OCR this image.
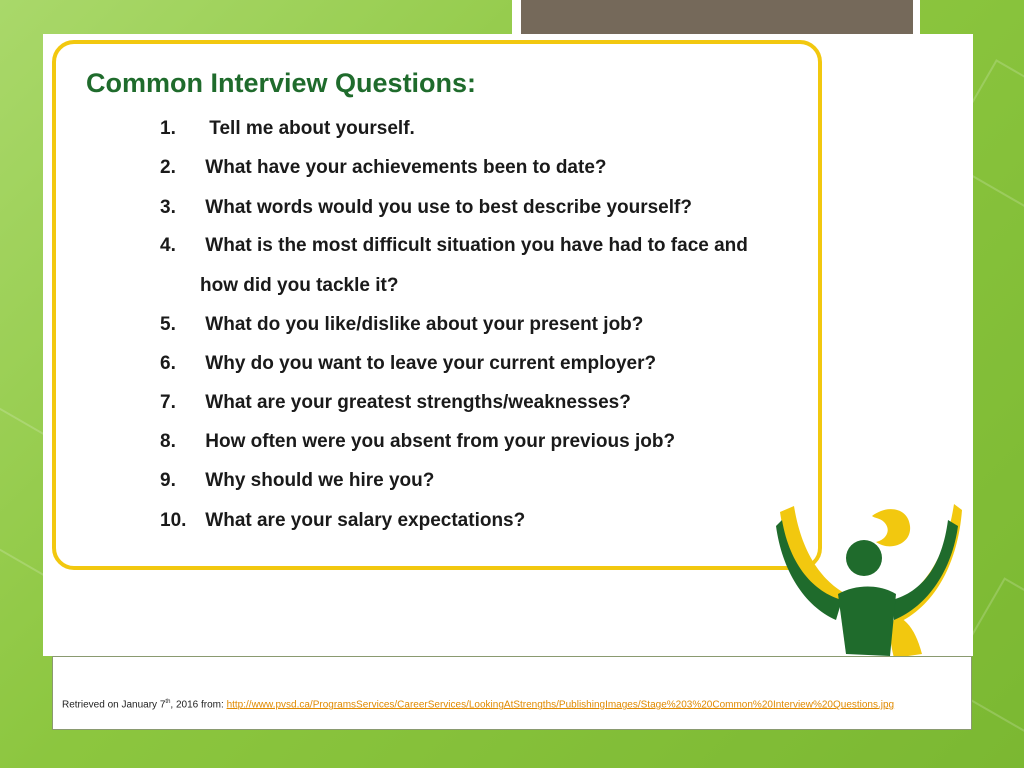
Common Interview Questions:
1. Tell me about yourself.
2. What have your achievements been to date?
3. What words would you use to best describe yourself?
4. What is the most difficult situation you have had to face and
how did you tackle it?
5. What do you like/dislike about your present job?
6. Why do you want to leave your current employer?
7. What are your greatest strengths/weaknesses?
8. How often were you absent from your previous job?
9. Why should we hire you?
10. What are your salary expectations?
Retrieved on January 7th, 2016 from: http://www.pvsd.ca/ProgramsServices/CareerServices/LookingAtStrengths/PublishingImages/Stage%203%20Common%20Interview%20Questions.jpg
